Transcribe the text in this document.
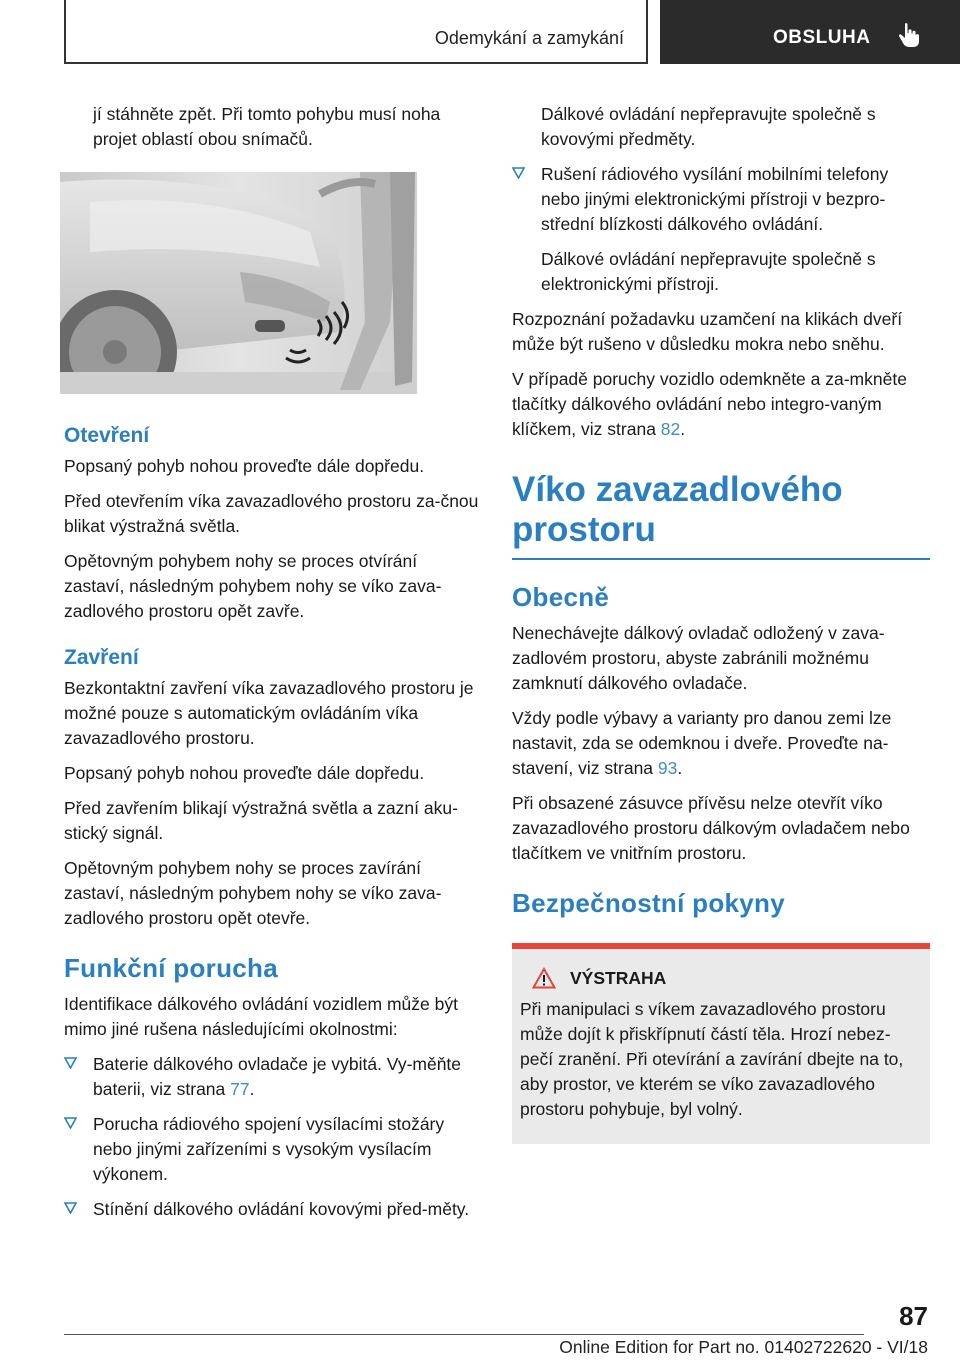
Odemykání a zamykání	OBSLUHA

jí stáhněte zpět. Při tomto pohybu musí noha projet oblastí obou snímačů.

Otevření

Popsaný pohyb nohou proveďte dále dopředu.

Před otevřením víka zavazadlového prostoru za-čnou blikat výstražná světla.

Opětovným pohybem nohy se proces otvírání zastaví, následným pohybem nohy se víko zava-zadlového prostoru opět zavře.

Zavření

Bezkontaktní zavření víka zavazadlového prostoru je možné pouze s automatickým ovládáním víka zavazadlového prostoru.

Popsaný pohyb nohou proveďte dále dopředu.

Před zavřením blikají výstražná světla a zazní aku-stický signál.

Opětovným pohybem nohy se proces zavírání zastaví, následným pohybem nohy se víko zava-zadlového prostoru opět otevře.

Funkční porucha

Identifikace dálkového ovládání vozidlem může být mimo jiné rušena následujícími okolnostmi:

Baterie dálkového ovladače je vybitá. Vy-měňte baterii, viz strana 77.
Porucha rádiového spojení vysílacími stožáry nebo jinými zařízeními s vysokým vysílacím výkonem.
Stínění dálkového ovládání kovovými před-měty.

Dálkové ovládání nepřepravujte společně s kovovými předměty.

Rušení rádiového vysílání mobilními telefony nebo jinými elektronickými přístroji v bezpro-střední blízkosti dálkového ovládání.

Dálkové ovládání nepřepravujte společně s elektronickými přístroji.

Rozpoznání požadavku uzamčení na klikách dveří může být rušeno v důsledku mokra nebo sněhu.

V případě poruchy vozidlo odemkněte a za-mkněte tlačítky dálkového ovládání nebo integro-vaným klíčkem, viz strana 82.

Víko zavazadlového prostoru
Obecně

Nenechávejte dálkový ovladač odložený v zava-zadlovém prostoru, abyste zabránili možnému zamknutí dálkového ovladače.

Vždy podle výbavy a varianty pro danou zemi lze nastavit, zda se odemknou i dveře. Proveďte na-stavení, viz strana 93.

Při obsazené zásuvce přívěsu nelze otevřít víko zavazadlového prostoru dálkovým ovladačem nebo tlačítkem ve vnitřním prostoru.

Bezpečnostní pokyny
VÝSTRAHA

Při manipulaci s víkem zavazadlového prostoru může dojít k přiskřípnutí částí těla. Hrozí nebez-pečí zranění. Při otevírání a zavírání dbejte na to, aby prostor, ve kterém se víko zavazadlového prostoru pohybuje, byl volný.

87
Online Edition for Part no. 01402722620 - VI/18
